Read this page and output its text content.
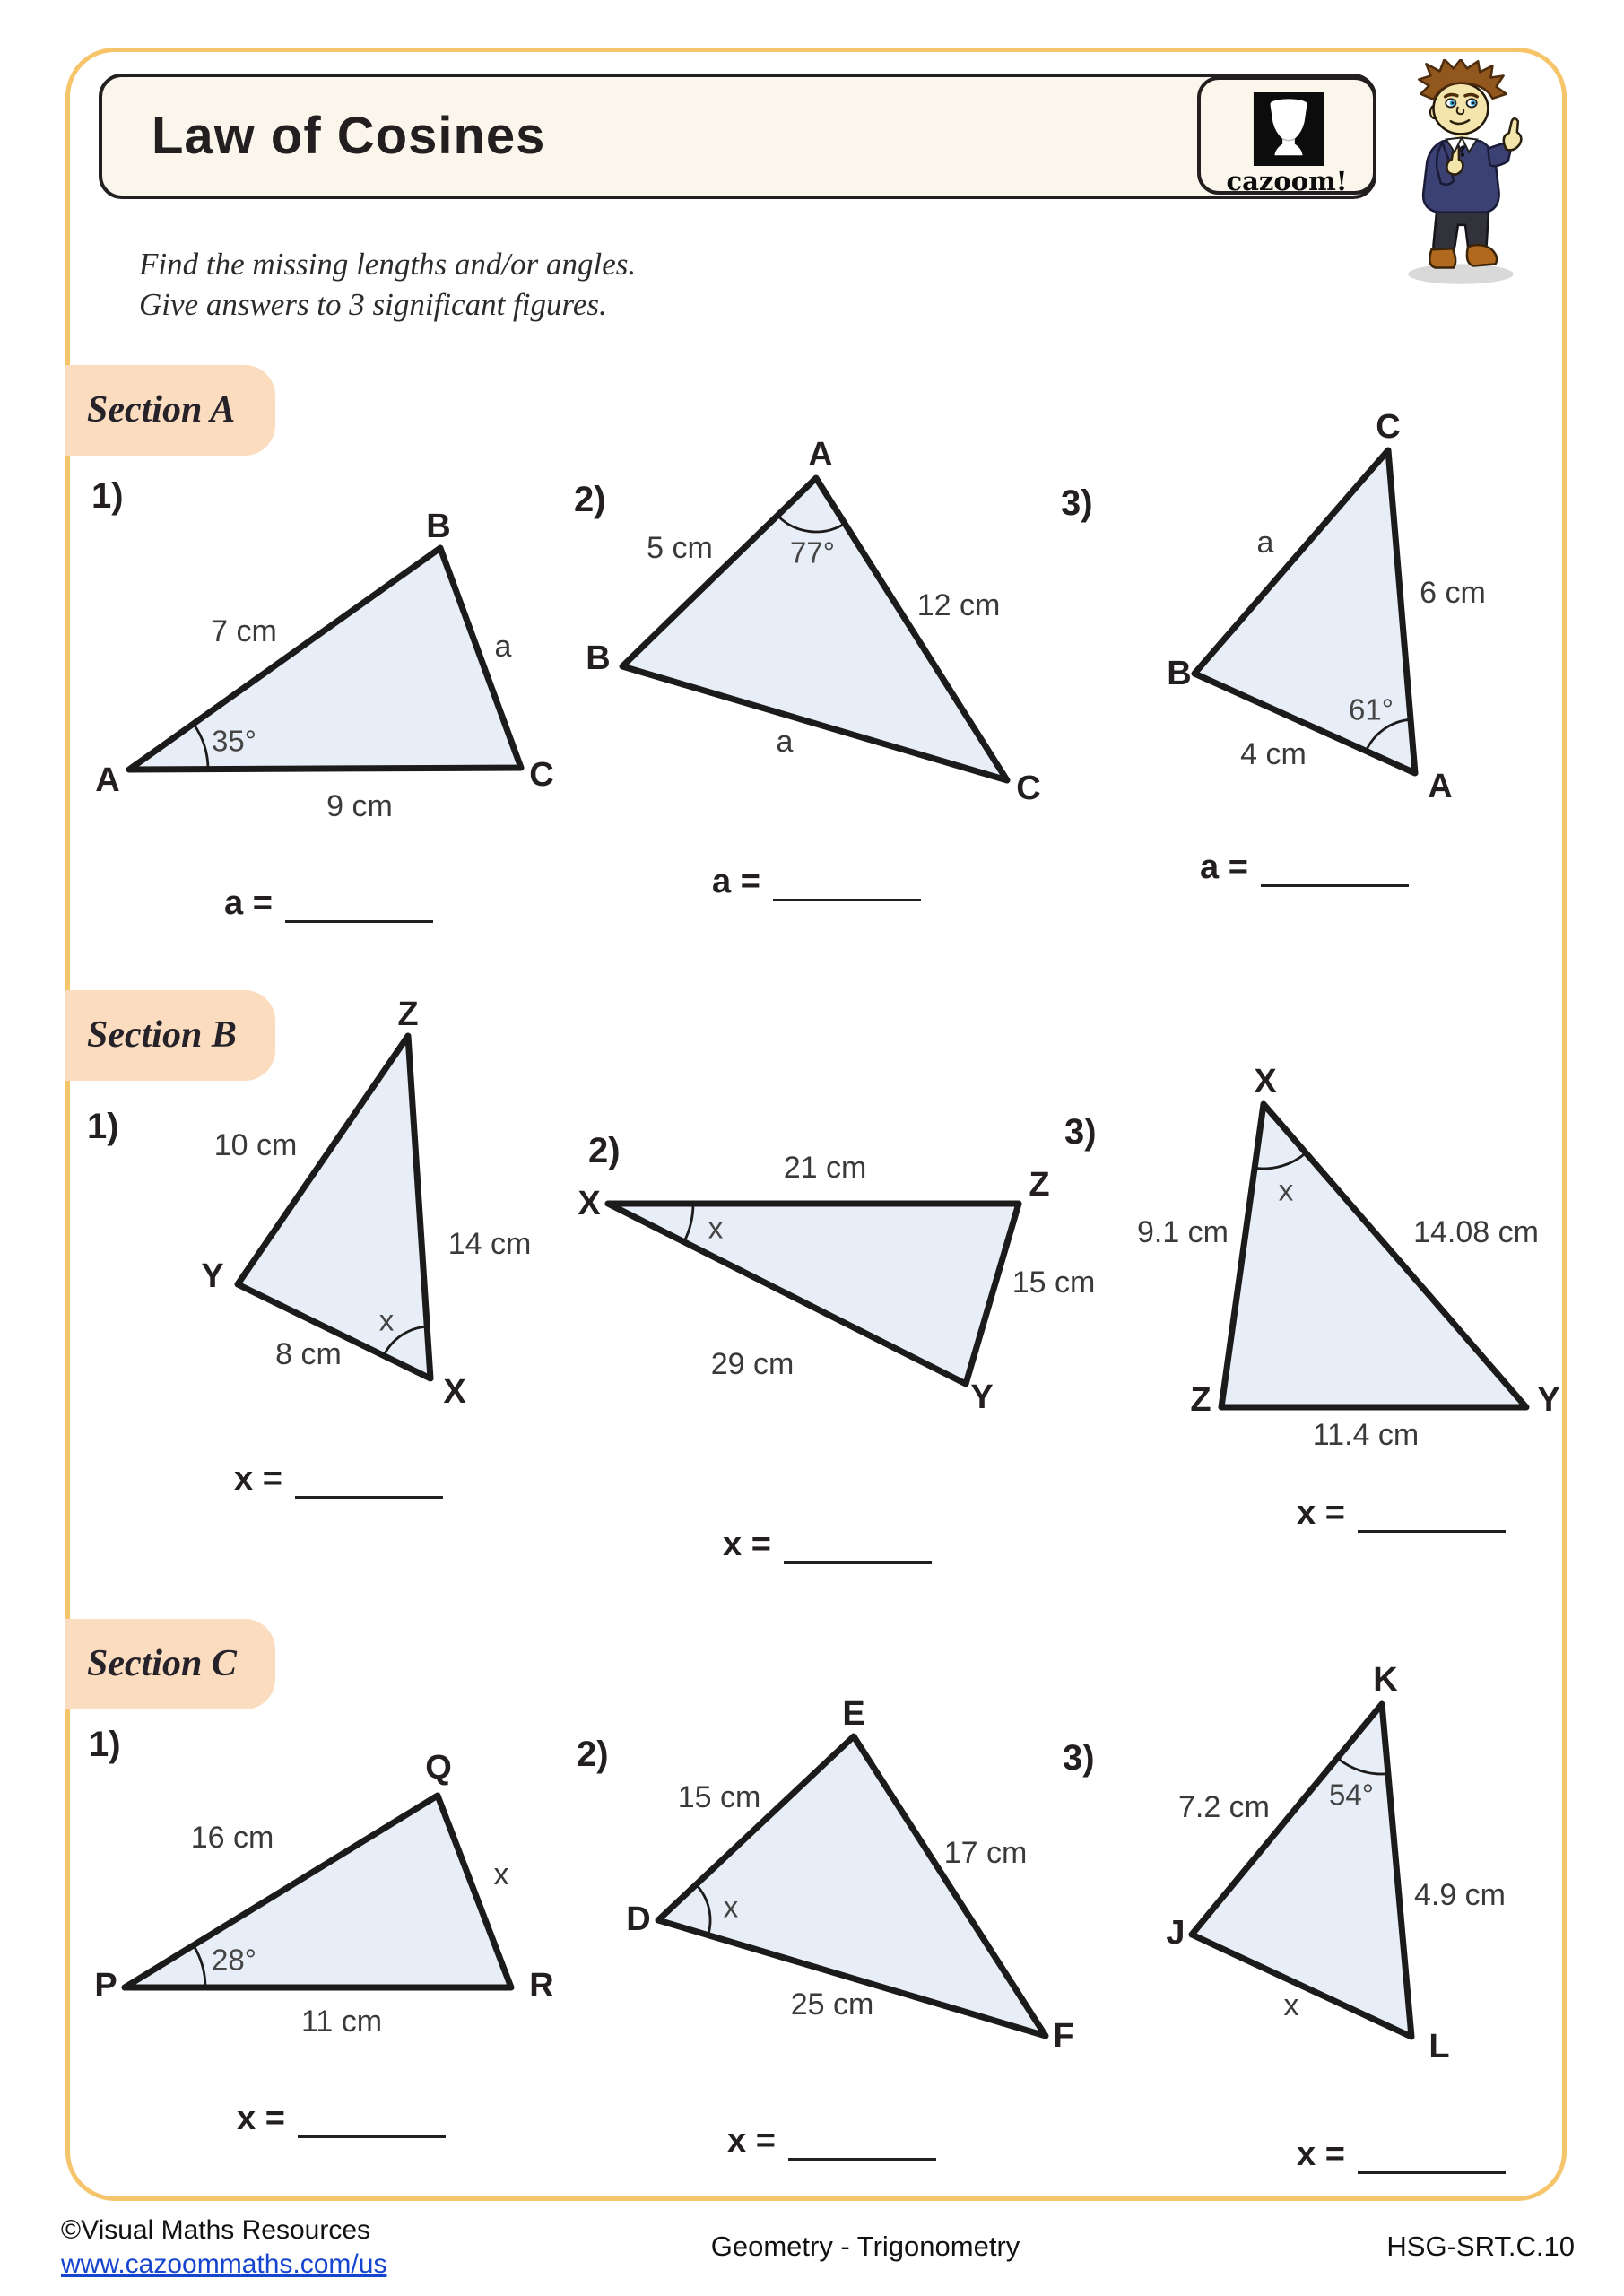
Law of Cosines
cazoom!
Find the missing lengths and/or angles.
Give answers to 3 significant figures.
Section A
1)
7 cm	a
9 cm
35°
A
B
C
a =
2)
5 cm
12 cm
a
77°
A
B
C
a =
3)
a
6 cm
4 cm
61°
C
B
A
a =
Section B
1)	10 cm
14 cm
8 cm
x
Z
Y
X
x =
2)	21 cm
15 cm
29 cm
x
X	Z
Y
x =
3)
9.1 cm	14.08 cm
11.4 cm
x
X
Z	Y
x =
Section C
1)
16 cm
x
11 cm
28°
Q
P	R
x =
2)
15 cm
17 cm
25 cm
x
E
D
F
x =
3)
7.2 cm
4.9 cm
x
54°
K
J
L
x =
©Visual Maths Resources
www.cazoommaths.com/us
Geometry - Trigonometry	HSG-SRT.C.10
